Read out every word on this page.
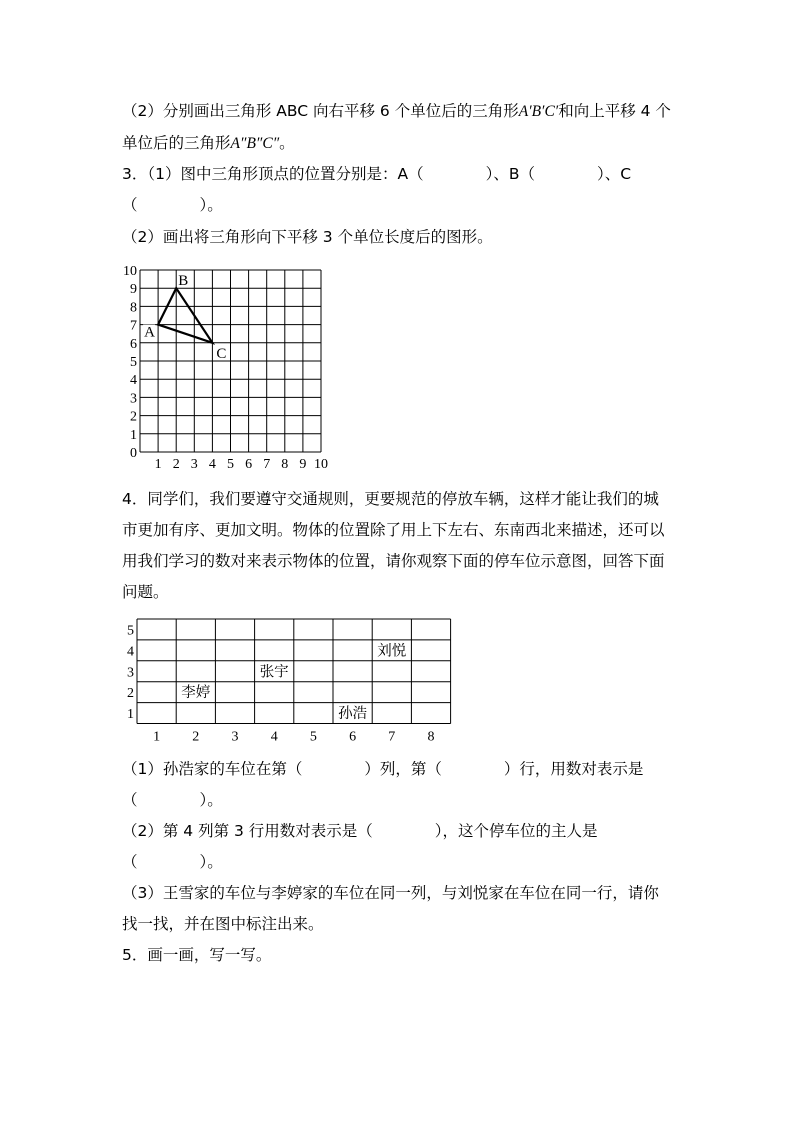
（2）分别画出三角形 ABC 向右平移 6 个单位后的三角形A′B′C′和向上平移 4 个
单位后的三角形A″B″C″。
3．（1）图中三角形顶点的位置分别是：A（　　　　）、B（　　　　）、C
（　　　　）。
（2）画出将三角形向下平移 3 个单位长度后的图形。
0
1
2
3
4
5
6
7
8
9
10
1 2 3 4 5 6 7 8 9 10
A
B
C
4．同学们，我们要遵守交通规则，更要规范的停放车辆，这样才能让我们的城
市更加有序、更加文明。物体的位置除了用上下左右、东南西北来描述，还可以
用我们学习的数对来表示物体的位置，请你观察下面的停车位示意图，回答下面
问题。
5
4
3
2
1
1 2 3 4 5 6 7 8
刘悦
张宇
李婷
孙浩
（1）孙浩家的车位在第（　　　　）列，第（　　　　）行，用数对表示是
（　　　　）。
（2）第 4 列第 3 行用数对表示是（　　　　），这个停车位的主人是
（　　　　）。
（3）王雪家的车位与李婷家的车位在同一列，与刘悦家在车位在同一行，请你
找一找，并在图中标注出来。
5．画一画，写一写。
